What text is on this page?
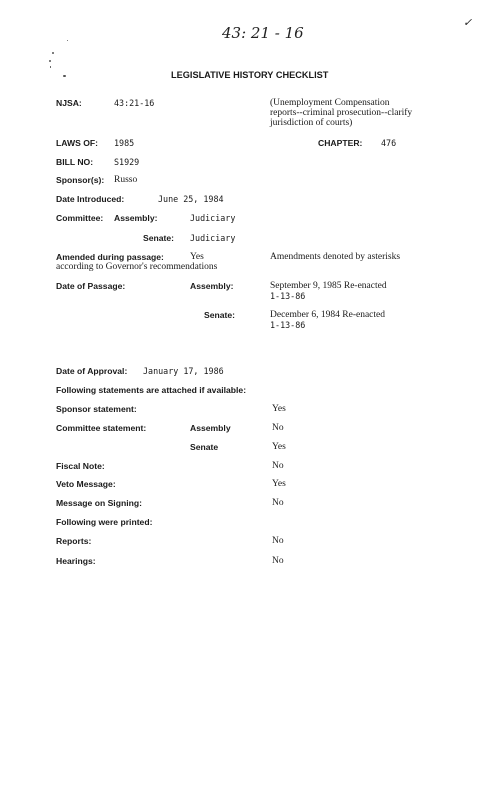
43: 21 - 16
✓
LEGISLATIVE HISTORY CHECKLIST
NJSA:	43:21-16	(Unemployment Compensation
reports--criminal prosecution--clarify
jurisdiction of courts)
LAWS OF: 1985	CHAPTER: 476
BILL NO: S1929
Sponsor(s): Russo
Date Introduced:	June 25, 1984
Committee: Assembly:	Judiciary
Senate: Judiciary
Amended during passage:	Yes	Amendments denoted by asterisks
according to Governor's recommendations
Date of Passage:	Assembly:	September 9, 1985 Re-enacted
1-13-86
Senate:	December 6, 1984 Re-enacted
1-13-86
Date of Approval: January 17, 1986
Following statements are attached if available:
Sponsor statement:	Yes
Committee statement:	Assembly	No
Senate	Yes
Fiscal Note:	No
Veto Message:	Yes
Message on Signing:	No
Following were printed:
Reports:	No
Hearings:	No
